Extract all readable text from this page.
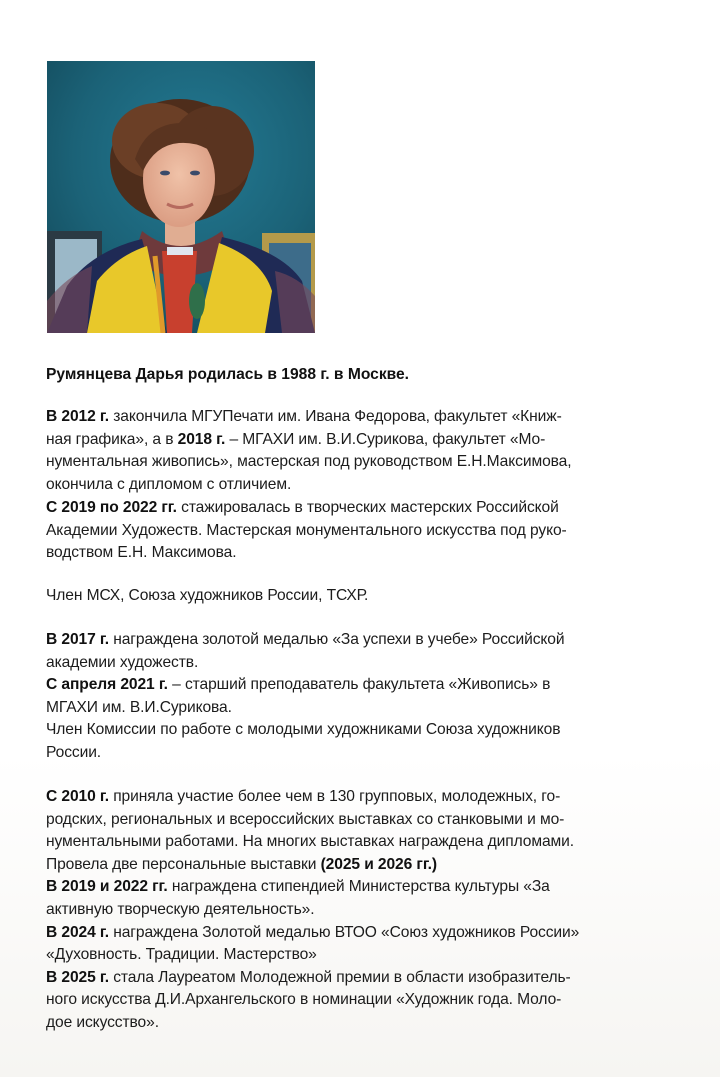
Румянцева Дарья родилась в 1988 г. в Москве.
В 2012 г. закончила МГУПечати им. Ивана Федорова, факультет «Книж-
ная графика», а в 2018 г. – МГАХИ им. В.И.Сурикова, факультет «Мо-
нументальная живопись», мастерская под руководством Е.Н.Максимова,
окончила с дипломом с отличием.
С 2019 по 2022 гг. стажировалась в творческих мастерских Российской
Академии Художеств. Мастерская монументального искусства под руко-
водством Е.Н. Максимова.
Член МСХ, Союза художников России, ТСХР.
В 2017 г. награждена золотой медалью «За успехи в учебе» Российской
академии художеств.
С апреля 2021 г. – старший преподаватель факультета «Живопись» в
МГАХИ им. В.И.Сурикова.
Член Комиссии по работе с молодыми художниками Союза художников
России.
С 2010 г. приняла участие более чем в 130 групповых, молодежных, го-
родских, региональных и всероссийских выставках со станковыми и мо-
нументальными работами. На многих выставках награждена дипломами.
Провела две персональные выставки (2025 и 2026 гг.)
В 2019 и 2022 гг. награждена стипендией Министерства культуры «За
активную творческую деятельность».
В 2024 г. награждена Золотой медалью ВТОО «Союз художников России»
«Духовность. Традиции. Мастерство»
В 2025 г. стала Лауреатом Молодежной премии в области изобразитель-
ного искусства Д.И.Архангельского в номинации «Художник года. Моло-
дое искусство».
